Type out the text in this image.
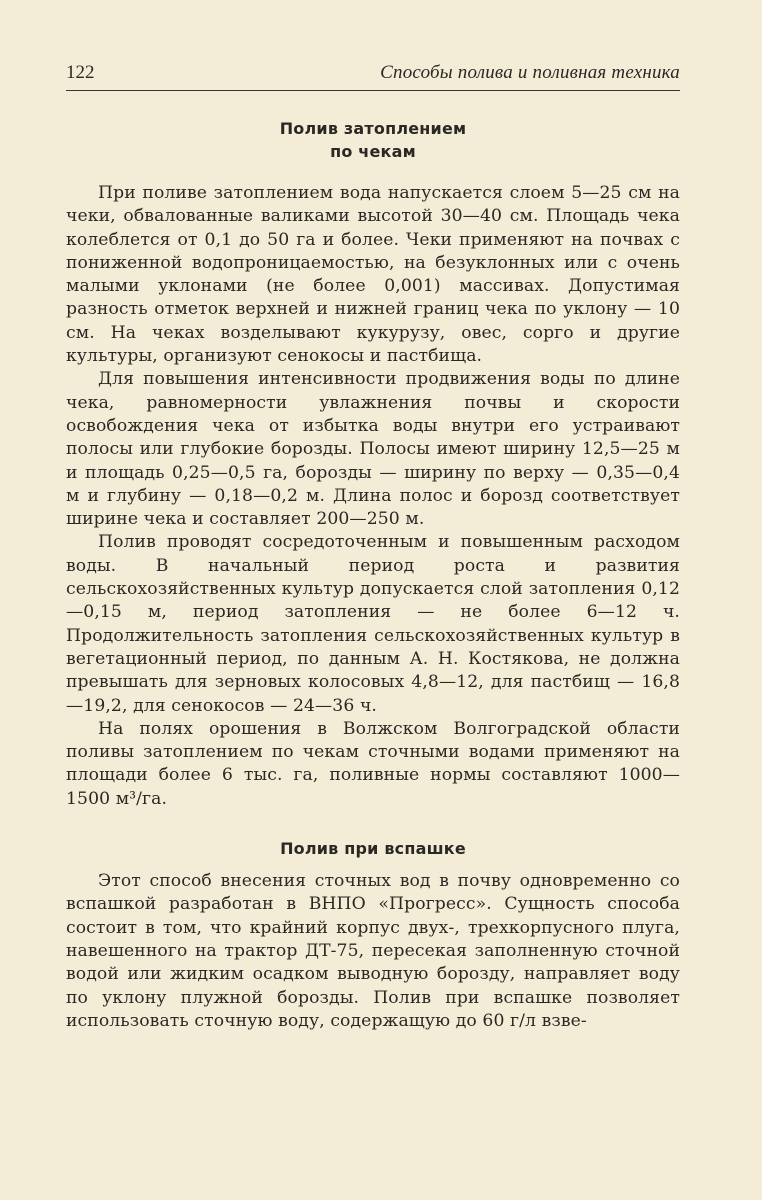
122	Способы полива и поливная техника
Полив затоплением
по чекам

При поливе затоплением вода напускается слоем 5—25 см на чеки, обвалованные валиками высотой 30—40 см. Площадь чека колеблется от 0,1 до 50 га и более. Чеки применяют на почвах с пониженной водопроницаемостью, на безуклонных или с очень малыми уклонами (не более 0,001) массивах. Допустимая разность отметок верхней и нижней границ чека по уклону — 10 см. На чеках возделывают кукурузу, овес, сорго и другие культуры, организуют сенокосы и пастбища.

Для повышения интенсивности продвижения воды по длине чека, равномерности увлажнения почвы и скорости освобождения чека от избытка воды внутри его устраивают полосы или глубокие борозды. Полосы имеют ширину 12,5—25 м и площадь 0,25—0,5 га, борозды — ширину по верху — 0,35—0,4 м и глубину — 0,18—0,2 м. Длина полос и борозд соответствует ширине чека и составляет 200—250 м.

Полив проводят сосредоточенным и повышенным расходом воды. В начальный период роста и развития сельскохозяйственных культур допускается слой затопления 0,12—0,15 м, период затопления — не более 6—12 ч. Продолжительность затопления сельскохозяйственных культур в вегетационный период, по данным А. Н. Костякова, не должна превышать для зерновых колосовых 4,8—12, для пастбищ — 16,8—19,2, для сенокосов — 24—36 ч.

На полях орошения в Волжском Волгоградской области поливы затоплением по чекам сточными водами применяют на площади более 6 тыс. га, поливные нормы составляют 1000—1500 м³/га.

Полив при вспашке

Этот способ внесения сточных вод в почву одновременно со вспашкой разработан в ВНПО «Прогресс». Сущность способа состоит в том, что крайний корпус двух-, трехкорпусного плуга, навешенного на трактор ДТ-75, пересекая заполненную сточной водой или жидким осадком выводную борозду, направляет воду по уклону плужной борозды. Полив при вспашке позволяет использовать сточную воду, содержащую до 60 г/л взве-
